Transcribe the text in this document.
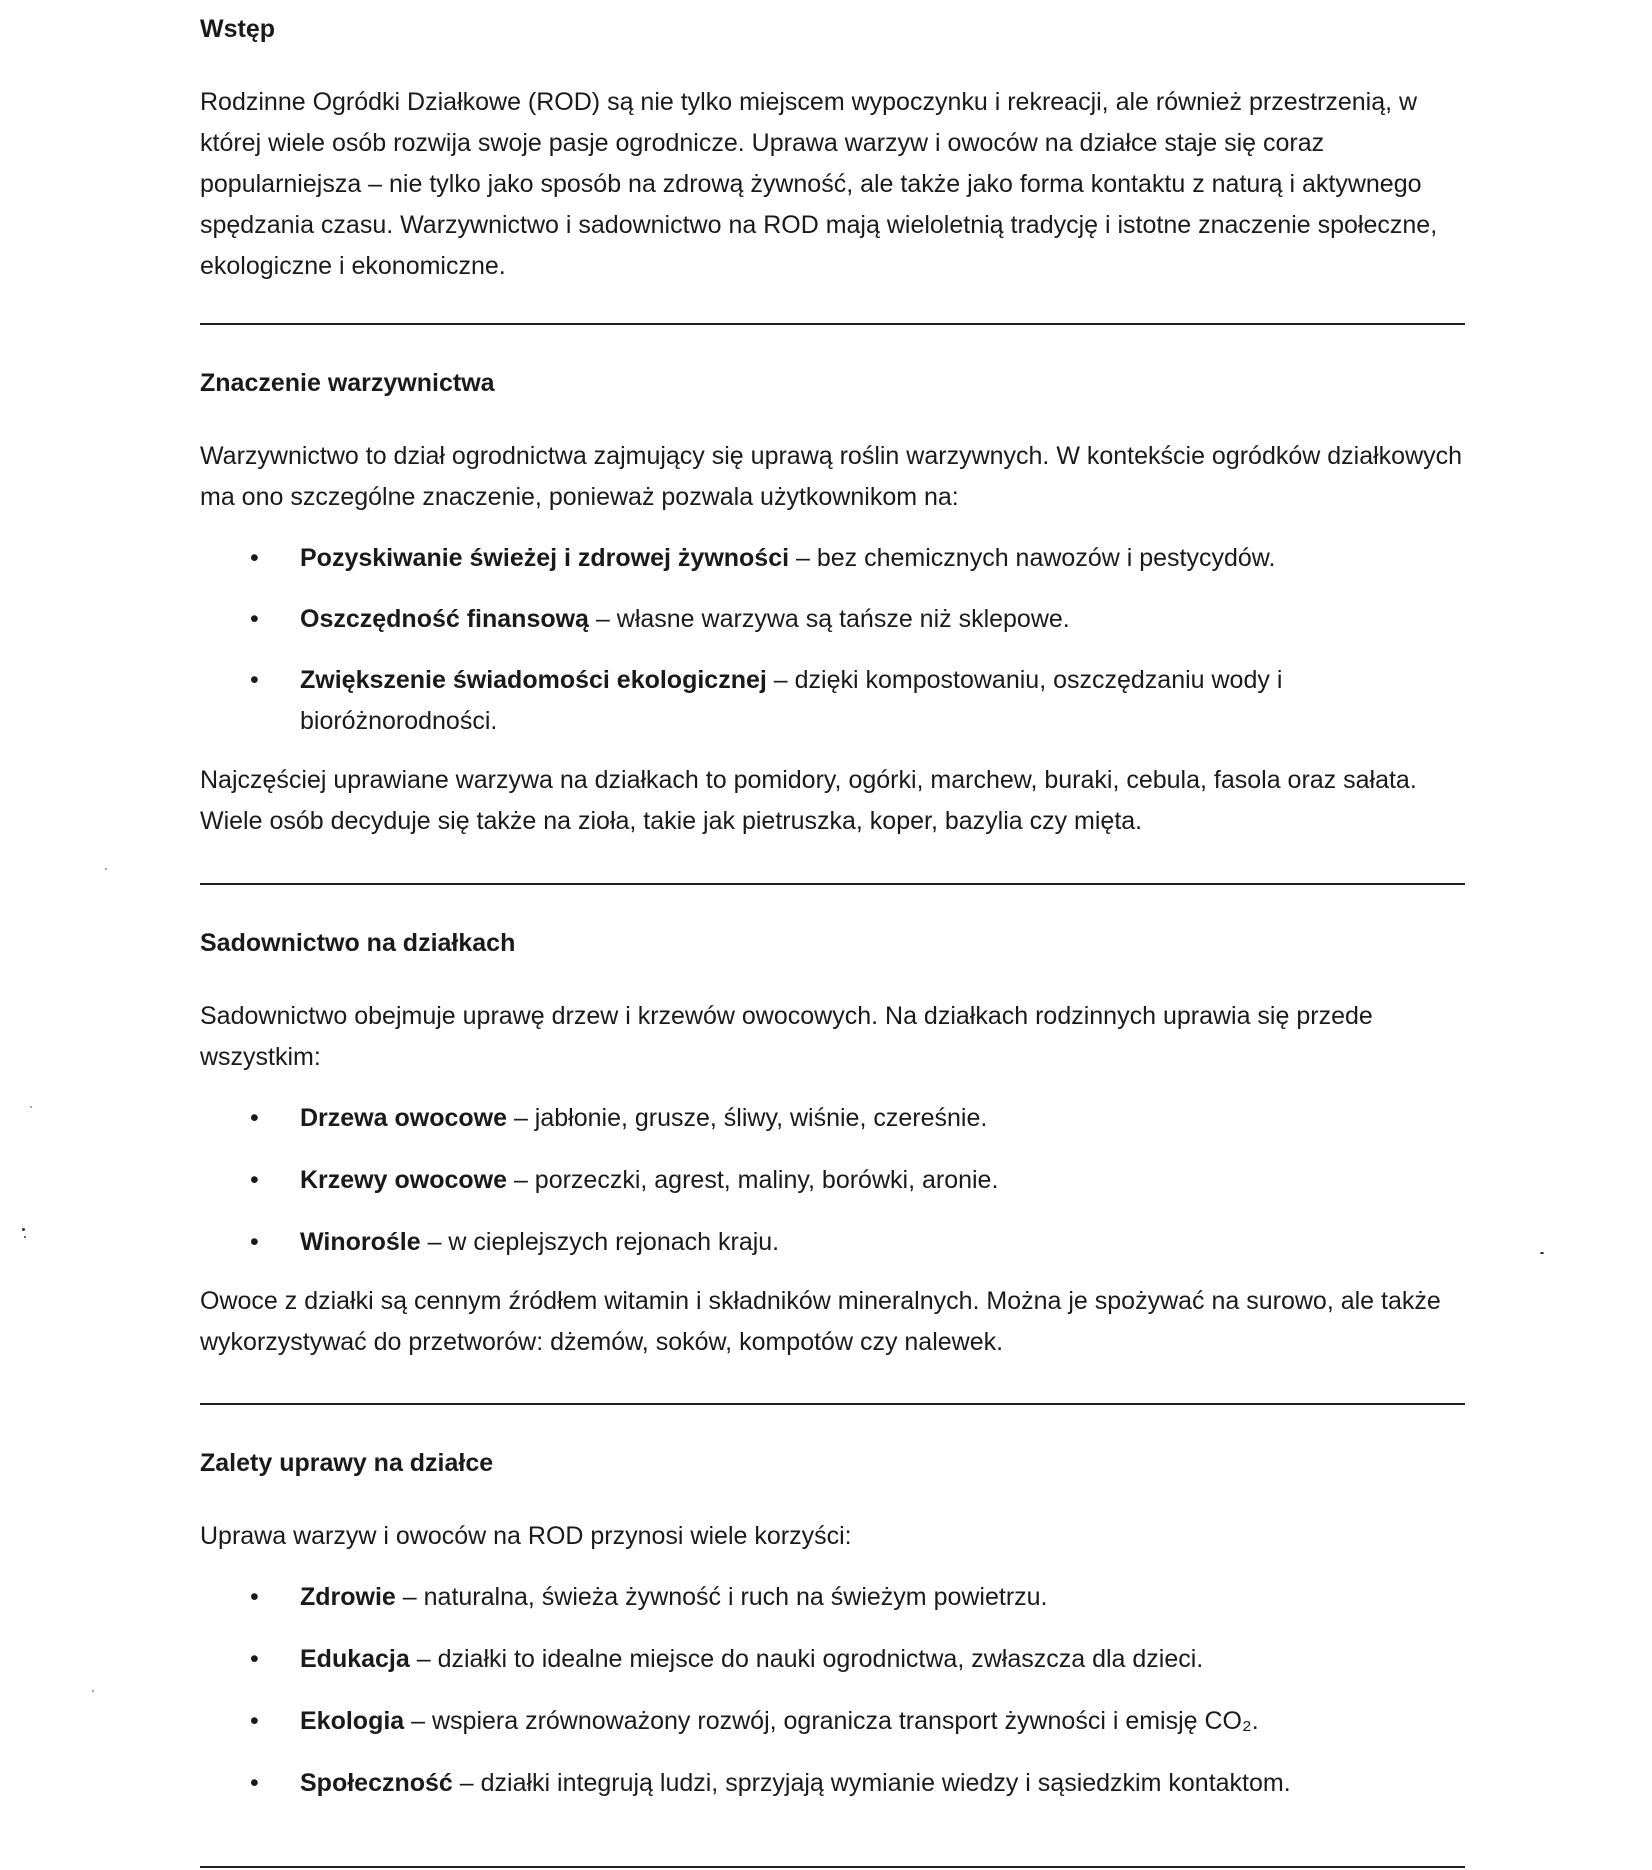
Wstęp

Rodzinne Ogródki Działkowe (ROD) są nie tylko miejscem wypoczynku i rekreacji, ale również przestrzenią, w której wiele osób rozwija swoje pasje ogrodnicze. Uprawa warzyw i owoców na działce staje się coraz popularniejsza – nie tylko jako sposób na zdrową żywność, ale także jako forma kontaktu z naturą i aktywnego spędzania czasu. Warzywnictwo i sadownictwo na ROD mają wieloletnią tradycję i istotne znaczenie społeczne, ekologiczne i ekonomiczne.

Znaczenie warzywnictwa

Warzywnictwo to dział ogrodnictwa zajmujący się uprawą roślin warzywnych. W kontekście ogródków działkowych ma ono szczególne znaczenie, ponieważ pozwala użytkownikom na:

• Pozyskiwanie świeżej i zdrowej żywności – bez chemicznych nawozów i pestycydów.
• Oszczędność finansową – własne warzywa są tańsze niż sklepowe.
• Zwiększenie świadomości ekologicznej – dzięki kompostowaniu, oszczędzaniu wody i bioróżnorodności.

Najczęściej uprawiane warzywa na działkach to pomidory, ogórki, marchew, buraki, cebula, fasola oraz sałata. Wiele osób decyduje się także na zioła, takie jak pietruszka, koper, bazylia czy mięta.

Sadownictwo na działkach

Sadownictwo obejmuje uprawę drzew i krzewów owocowych. Na działkach rodzinnych uprawia się przede wszystkim:

• Drzewa owocowe – jabłonie, grusze, śliwy, wiśnie, czereśnie.
• Krzewy owocowe – porzeczki, agrest, maliny, borówki, aronie.
• Winorośle – w cieplejszych rejonach kraju.

Owoce z działki są cennym źródłem witamin i składników mineralnych. Można je spożywać na surowo, ale także wykorzystywać do przetworów: dżemów, soków, kompotów czy nalewek.

Zalety uprawy na działce

Uprawa warzyw i owoców na ROD przynosi wiele korzyści:

• Zdrowie – naturalna, świeża żywność i ruch na świeżym powietrzu.
• Edukacja – działki to idealne miejsce do nauki ogrodnictwa, zwłaszcza dla dzieci.
• Ekologia – wspiera zrównoważony rozwój, ogranicza transport żywności i emisję CO₂.
• Społeczność – działki integrują ludzi, sprzyjają wymianie wiedzy i sąsiedzkim kontaktom.
